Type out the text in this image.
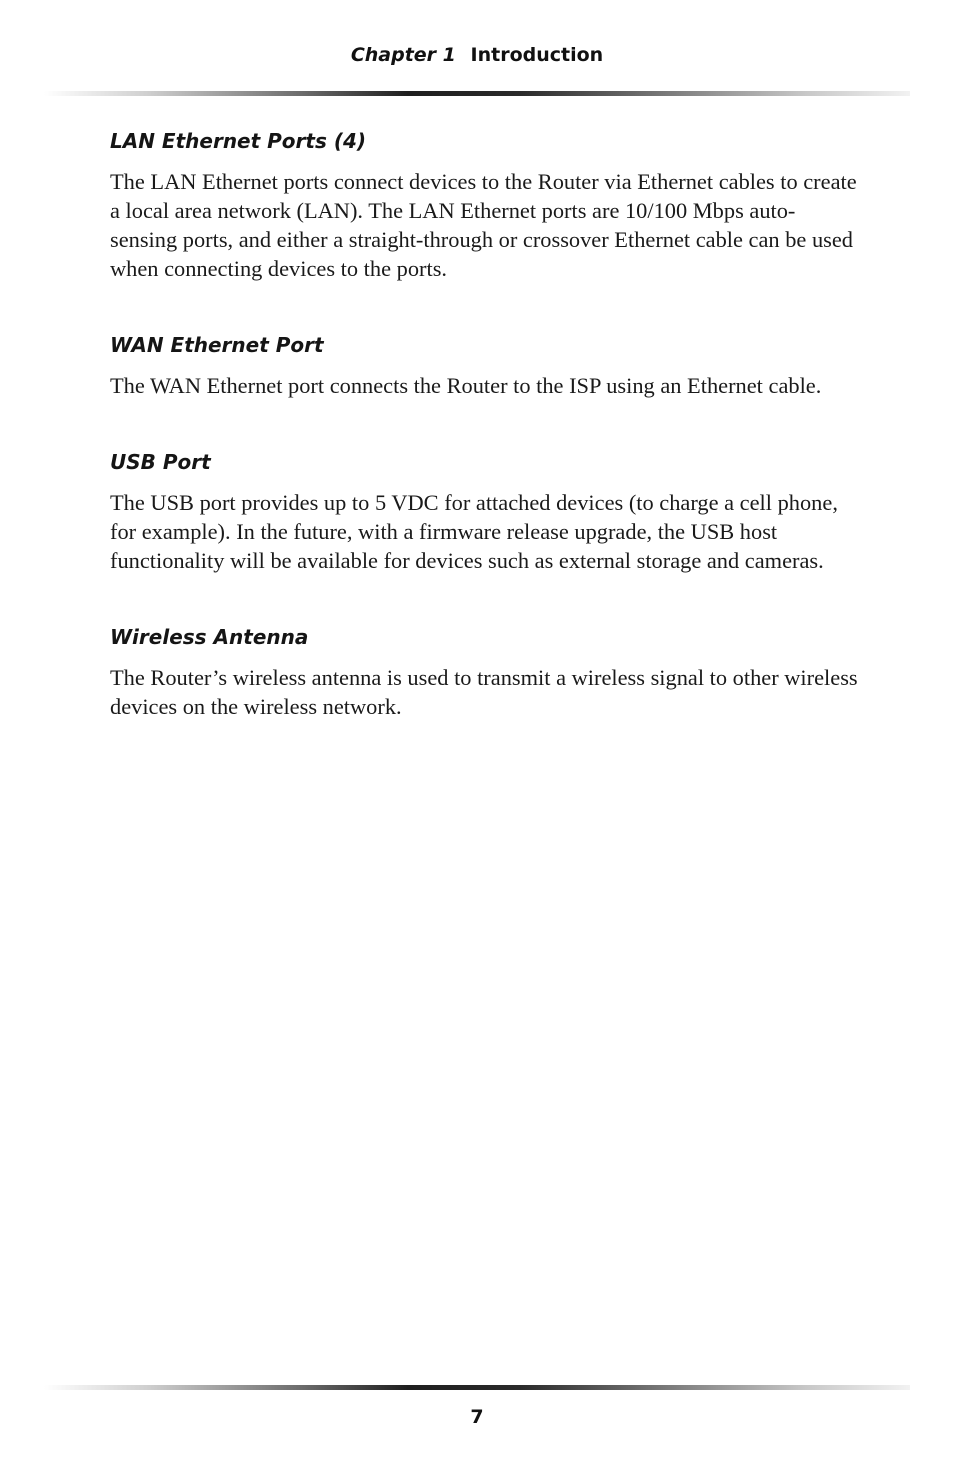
Chapter 1 Introduction
LAN Ethernet Ports (4)

The LAN Ethernet ports connect devices to the Router via Ethernet cables to create a local area network (LAN). The LAN Ethernet ports are 10/100 Mbps auto-sensing ports, and either a straight-through or crossover Ethernet cable can be used when connecting devices to the ports.

WAN Ethernet Port

The WAN Ethernet port connects the Router to the ISP using an Ethernet cable.

USB Port

The USB port provides up to 5 VDC for attached devices (to charge a cell phone, for example). In the future, with a firmware release upgrade, the USB host functionality will be available for devices such as external storage and cameras.

Wireless Antenna

The Router’s wireless antenna is used to transmit a wireless signal to other wireless devices on the wireless network.

7
